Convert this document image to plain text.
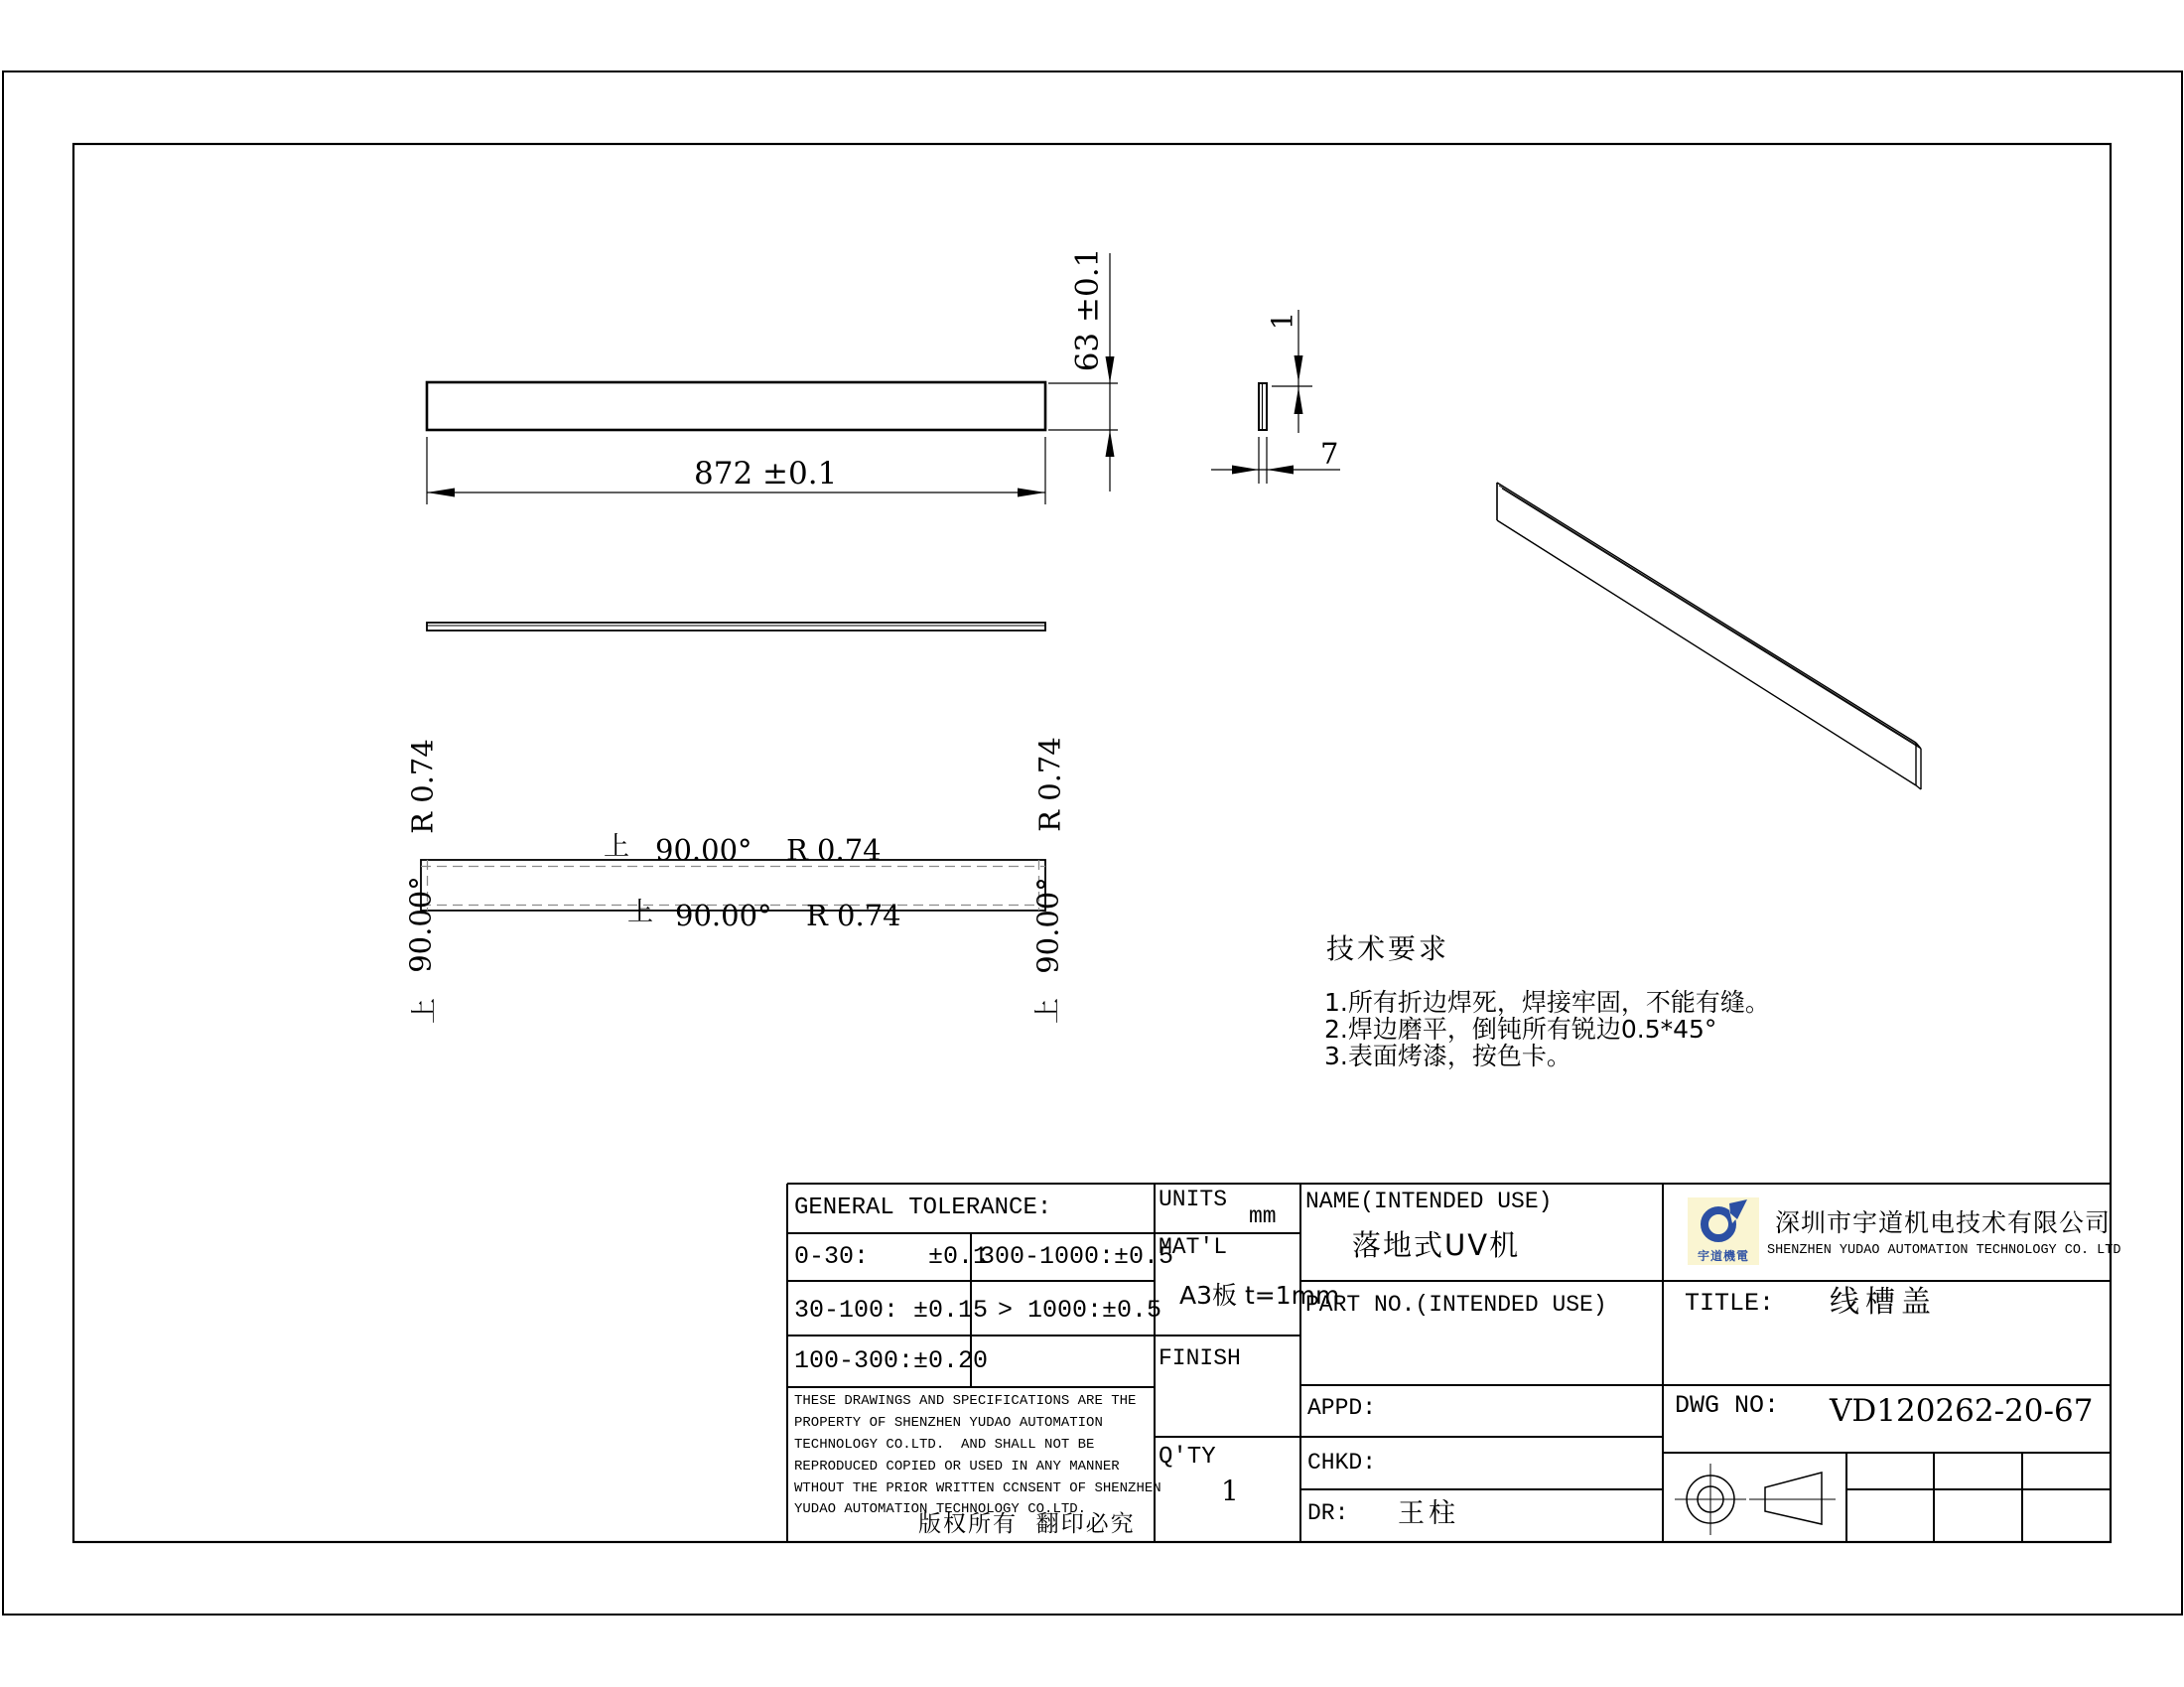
872 ±0.1
63 ±0.1	1
7
上 90.00° R 0.74
上 90.00° R 0.74
R 0.74
90.00°
上
R 0.74
90.00°
上
技术要求
1.所有折边焊死，焊接牢固，不能有缝。
2.焊边磨平，倒钝所有锐边0.5*45°
3.表面烤漆，按色卡。
GENERAL TOLERANCE:
0-30:    ±0.1
300-1000:±0.5
30-100: ±0.15 > 1000:±0.5
100-300:±0.20
THESE DRAWINGS AND SPECIFICATIONS ARE THE
PROPERTY OF SHENZHEN YUDAO AUTOMATION
TECHNOLOGY CO.LTD.  AND SHALL NOT BE
REPRODUCED COPIED OR USED IN ANY MANNER
WTHOUT THE PRIOR WRITTEN CCNSENT OF SHENZHEN
YUDAO AUTOMATION TECHNOLOGY CO.LTD.
版权所有  翻印必究
UNITS
mm
MAT'L
A3板 t=1mm
FINISH
Q'TY
1
NAME(INTENDED USE)
落地式UV机
PART NO.(INTENDED USE)
APPD:
CHKD:
DR: 王柱
宇道機電
深圳市宇道机电技术有限公司
SHENZHEN YUDAO AUTOMATION TECHNOLOGY CO. LTD
TITLE: 线槽盖
DWG NO: VD120262-20-67
